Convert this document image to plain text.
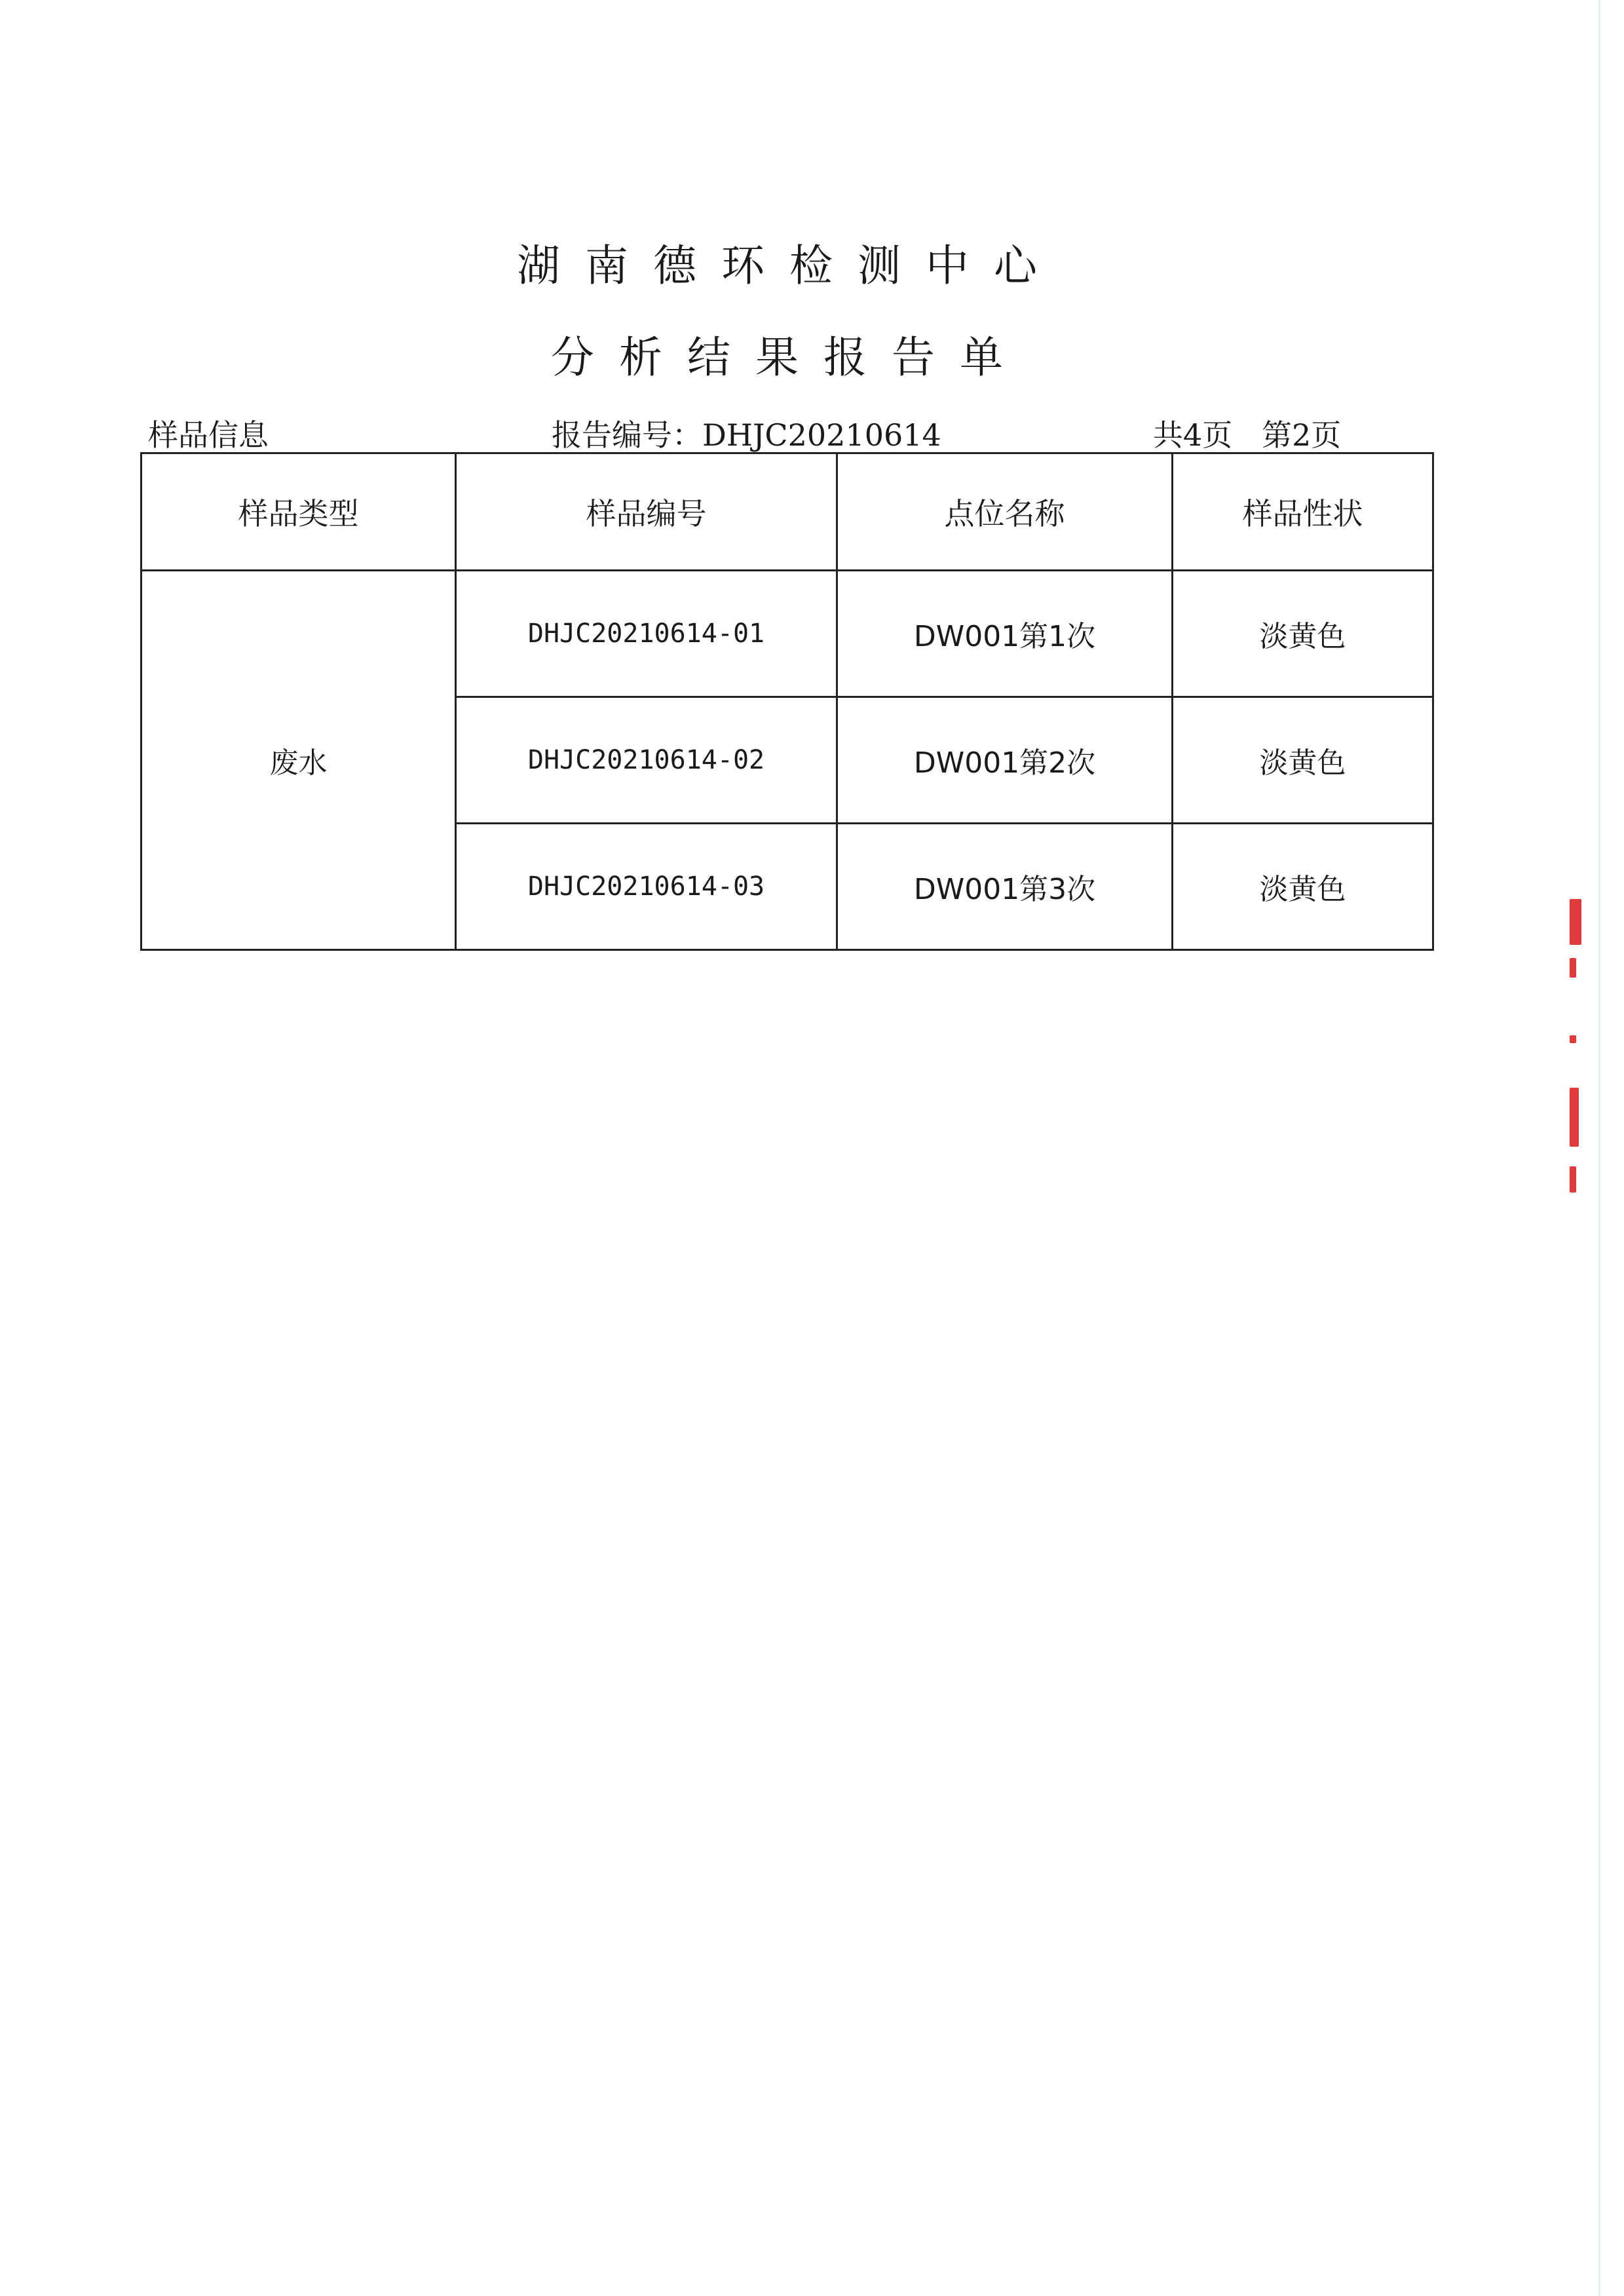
湖南德环检测中心
分析结果报告单
样品信息	报告编号：DHJC20210614	共4页 第2页
样品类型	样品编号	点位名称	样品性状
废水	DHJC20210614-01	DW001第1次	淡黄色
	DHJC20210614-02	DW001第2次	淡黄色
	DHJC20210614-03	DW001第3次	淡黄色
